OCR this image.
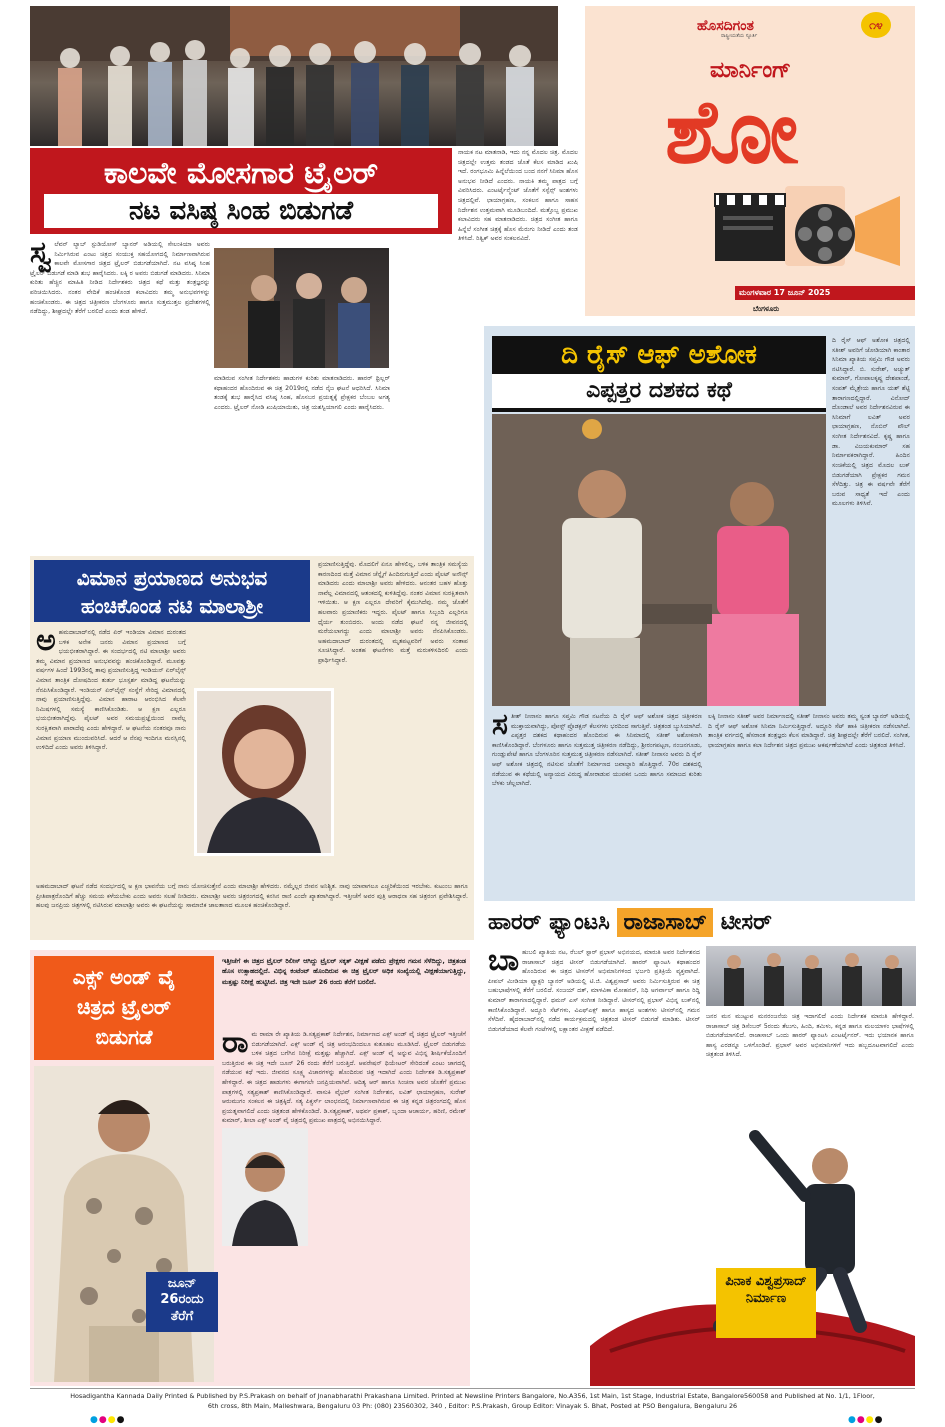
ಕಾಲವೇ ಮೋಸಗಾರ ಟ್ರೈಲರ್
ನಟ ವಸಿಷ್ಠ ಸಿಂಹ ಬಿಡುಗಡೆ
ಸ್ವ ಲೆವನ್ ಲ್ಯಾಬ್ ಸ್ಟುಡಿಯೋಸ್ ಬ್ಯಾನರ್ ಅಡಿಯಲ್ಲಿ ಸೇಲಂಕಿಯಾ ಅವರು ನಿರ್ಮಿಸಿರುವ ಎಂಟು ಚಿತ್ರದ ಸಂಯುಕ್ತ ಸಹಯೋಗದಲ್ಲಿ ನಿರ್ಮಾಣವಾಗಿರುವ ಕಾಲವೇ ಮೋಸಗಾರ ಚಿತ್ರದ ಟ್ರೈಲರ್ ಬಿಡುಗಡೆಯಾಗಿದೆ. ನಟ ವಸಿಷ್ಠ ಸಿಂಹ ಟ್ರೈಲರ್ ಬಿಡುಗಡೆ ಮಾಡಿ ಶುಭ ಹಾರೈಸಿದರು. ಲಕ್ಕಿ ರ ಅವರು ಬಿಡುಗಡೆ ಮಾಡಿದರು. ಸಿನಿಮಾ ಕುರಿತು ಹೆಚ್ಚಿನ ಮಾಹಿತಿ ನೀಡಿದ ನಿರ್ದೇಶಕರು ಚಿತ್ರದ ಕಥೆ ಮತ್ತು ತಂತ್ರಜ್ಞರನ್ನು ಪರಿಚಯಿಸಿದರು. ನಂತರ ವೇದಿಕೆ ಹಂಚಿಕೊಂಡ ಕಲಾವಿದರು ತಮ್ಮ ಅನುಭವಗಳನ್ನು ಹಂಚಿಕೊಂಡರು. ಈ ಚಿತ್ರದ ಚಿತ್ರೀಕರಣ ಬೆಂಗಳೂರು ಹಾಗೂ ಸುತ್ತಮುತ್ತಲ ಪ್ರದೇಶಗಳಲ್ಲಿ ನಡೆದಿದ್ದು, ಶೀಘ್ರದಲ್ಲೇ ತೆರೆಗೆ ಬರಲಿದೆ ಎಂದು ತಂಡ ಹೇಳಿದೆ.
ಮಾಡಿರುವ ಸಂಗೀತ ನಿರ್ದೇಶಕರು ಹಾಡುಗಳ ಕುರಿತು ಮಾತನಾಡಿದರು. ಹಾರರ್ ಥ್ರಿಲ್ಲರ್ ಕಥಾಹಂದರ ಹೊಂದಿರುವ ಈ ಚಿತ್ರ 2019ರಲ್ಲಿ ನಡೆದ ನೈಜ ಘಟನೆ ಆಧರಿಸಿದೆ. ಸಿನಿಮಾ ತಂಡಕ್ಕೆ ಶುಭ ಹಾರೈಸಿದ ವಸಿಷ್ಠ ಸಿಂಹ, ಹೊಸಬರ ಪ್ರಯತ್ನಕ್ಕೆ ಪ್ರೇಕ್ಷಕರ ಬೆಂಬಲ ಅಗತ್ಯ ಎಂದರು. ಟ್ರೈಲರ್ ನೋಡಿ ಖುಷಿಯಾಯಿತು, ಚಿತ್ರ ಯಶಸ್ವಿಯಾಗಲಿ ಎಂದು ಹಾರೈಸಿದರು.
ನಾಯಕ ನಟ ಮಾತನಾಡಿ, ಇದು ನನ್ನ ಮೊದಲ ಚಿತ್ರ. ಮೊದಲ ಚಿತ್ರದಲ್ಲೇ ಉತ್ತಮ ತಂಡದ ಜೊತೆ ಕೆಲಸ ಮಾಡಿದ ಖುಷಿ ಇದೆ. ರಂಗಭೂಮಿ ಹಿನ್ನೆಲೆಯಿಂದ ಬಂದ ನನಗೆ ಸಿನಿಮಾ ಹೊಸ ಅನುಭವ ನೀಡಿದೆ ಎಂದರು. ನಾಯಕಿ ತಮ್ಮ ಪಾತ್ರದ ಬಗ್ಗೆ ವಿವರಿಸಿದರು. ಎಂಟರ್ಟೈನ್ಮೆಂಟ್ ಜೊತೆಗೆ ಸಸ್ಪೆನ್ಸ್ ಅಂಶಗಳು ಚಿತ್ರದಲ್ಲಿವೆ. ಛಾಯಾಗ್ರಹಣ, ಸಂಕಲನ ಹಾಗೂ ಸಾಹಸ ನಿರ್ದೇಶನ ಉತ್ತಮವಾಗಿ ಮೂಡಿಬಂದಿದೆ. ಮತ್ತೊಬ್ಬ ಪ್ರಮುಖ ಕಲಾವಿದರು ಸಹ ಮಾತನಾಡಿದರು. ಚಿತ್ರದ ಸಂಗೀತ ಹಾಗೂ ಹಿನ್ನೆಲೆ ಸಂಗೀತ ಚಿತ್ರಕ್ಕೆ ಹೊಸ ಮೆರುಗು ನೀಡಿದೆ ಎಂದು ತಂಡ ತಿಳಿಸಿದೆ. ರಿತ್ವಿಕ್ ಅವರ ಸಂಕಲನವಿದೆ.
ಹೊಸದಿಗಂತ
ರಾಷ್ಟ್ರೀಯತೆಯ ಸ್ಫೂರ್ತಿ
೧೪
ಮಾರ್ನಿಂಗ್
ಶೋ
ಮಂಗಳವಾರ 17 ಜೂನ್ 2025
ಬೆಂಗಳೂರು
ದಿ ರೈಸ್ ಆಫ್ ಅಶೋಕ
ಎಪ್ಪತ್ತರ ದಶಕದ ಕಥೆ
ದಿ ರೈಸ್ ಆಫ್ ಅಶೋಕ ಚಿತ್ರದಲ್ಲಿ ಸತೀಶ್ ಅವರಿಗೆ ಜೋಡಿಯಾಗಿ ಕಾಂತಾರ ಸಿನಿಮಾ ಖ್ಯಾತಿಯ ಸಪ್ತಮಿ ಗೌಡ ಅವರು ನಟಿಸಿದ್ದಾರೆ. ಬಿ. ಸುರೇಶ್, ಅಚ್ಯುತ್ ಕುಮಾರ್, ಗೋಪಾಲಕೃಷ್ಣ ದೇಶಪಾಂಡೆ, ಸಂಪತ್ ಮೈತ್ರೇಯ ಹಾಗೂ ಯಶ್ ಶೆಟ್ಟಿ ತಾರಾಗಣದಲ್ಲಿದ್ದಾರೆ. ವಿನೋದ್ ದೊಂಡಾಲೆ ಅವರ ನಿರ್ದೇಶನವಿರುವ ಈ ಸಿನಿಮಾಗೆ ಲವಿತ್ ಅವರ ಛಾಯಾಗ್ರಹಣ, ನೊಬಿನ್ ಪೌಲ್ ಸಂಗೀತ ನಿರ್ದೇಶನವಿದೆ. ಕೃಷ್ಣ ಹಾಗೂ ಡಾ. ವಿಜಯಕುಮಾರ್ ಸಹ ನಿರ್ಮಾಪಕರಾಗಿದ್ದಾರೆ. ಹಿಂದಿನ ಸಂಚಿಕೆಯಲ್ಲಿ ಚಿತ್ರದ ಮೊದಲ ಲುಕ್ ಬಿಡುಗಡೆಯಾಗಿ ಪ್ರೇಕ್ಷಕರ ಗಮನ ಸೆಳೆದಿತ್ತು. ಚಿತ್ರ ಈ ವರ್ಷವೇ ತೆರೆಗೆ ಬರುವ ಸಾಧ್ಯತೆ ಇದೆ ಎಂದು ಮೂಲಗಳು ತಿಳಿಸಿವೆ.
ಸ ತೀಶ್ ನೀನಾಸಂ ಹಾಗೂ ಸಪ್ತಮಿ ಗೌಡ ನಟನೆಯ ದಿ ರೈಸ್ ಆಫ್ ಅಶೋಕ ಚಿತ್ರದ ಚಿತ್ರೀಕರಣ ಮುಕ್ತಾಯವಾಗಿದ್ದು, ಪೋಸ್ಟ್ ಪ್ರೊಡಕ್ಷನ್ ಕೆಲಸಗಳು ಭರದಿಂದ ಸಾಗುತ್ತಿವೆ. ಚಿತ್ರತಂಡ ಬ್ಯುಸಿಯಾಗಿದೆ. ಎಪ್ಪತ್ತರ ದಶಕದ ಕಥಾಹಂದರ ಹೊಂದಿರುವ ಈ ಸಿನಿಮಾದಲ್ಲಿ ಸತೀಶ್ ಅಶೋಕನಾಗಿ ಕಾಣಿಸಿಕೊಂಡಿದ್ದಾರೆ. ಬೆಂಗಳೂರು ಹಾಗೂ ಸುತ್ತಮುತ್ತ ಚಿತ್ರೀಕರಣ ನಡೆದಿದ್ದು, ಶ್ರೀರಂಗಪಟ್ಟಣ, ನಂಜನಗೂಡು, ಗುಂಡ್ಲುಪೇಟೆ ಹಾಗೂ ಬೆಂಗಳೂರಿನ ಸುತ್ತಮುತ್ತ ಚಿತ್ರೀಕರಣ ನಡೆಸಲಾಗಿದೆ. ಸತೀಶ್ ನೀನಾಸಂ ಅವರು ದಿ ರೈಸ್ ಆಫ್ ಅಶೋಕ ಚಿತ್ರದಲ್ಲಿ ನಟಿಸುವ ಜೊತೆಗೆ ನಿರ್ಮಾಣದ ಜವಾಬ್ದಾರಿ ಹೊತ್ತಿದ್ದಾರೆ. 70ರ ದಶಕದಲ್ಲಿ ನಡೆಯುವ ಈ ಕಥೆಯಲ್ಲಿ ಅನ್ಯಾಯದ ವಿರುದ್ಧ ಹೋರಾಡುವ ಯುವಕನ ಒಂದು ಹಾಗೂ ಸಮಾಜದ ಕುರಿತು ಬೆಳಕು ಚೆಲ್ಲಲಾಗಿದೆ.
ಲಕ್ಕಿ ನೀನಾಸಂ ಸತೀಶ್ ಅವರ ನಿರ್ಮಾಣದಲ್ಲಿ ಸತೀಶ್ ನೀನಾಸಂ ಅವರು ತಮ್ಮ ಸ್ವಂತ ಬ್ಯಾನರ್ ಅಡಿಯಲ್ಲಿ ದಿ ರೈಸ್ ಆಫ್ ಅಶೋಕ ಸಿನಿಮಾ ನಿರ್ಮಿಸುತ್ತಿದ್ದಾರೆ. ಅದ್ದೂರಿ ಸೆಟ್ ಹಾಕಿ ಚಿತ್ರೀಕರಣ ನಡೆಸಲಾಗಿದೆ. ತಾಂತ್ರಿಕ ವರ್ಗದಲ್ಲಿ ಹೆಸರಾಂತ ತಂತ್ರಜ್ಞರು ಕೆಲಸ ಮಾಡಿದ್ದಾರೆ. ಚಿತ್ರ ಶೀಘ್ರದಲ್ಲೇ ತೆರೆಗೆ ಬರಲಿದೆ. ಸಂಗೀತ, ಛಾಯಾಗ್ರಹಣ ಹಾಗೂ ಕಲಾ ನಿರ್ದೇಶನ ಚಿತ್ರದ ಪ್ರಮುಖ ಆಕರ್ಷಣೆಯಾಗಿದೆ ಎಂದು ಚಿತ್ರತಂಡ ತಿಳಿಸಿದೆ.
ವಿಮಾನ ಪ್ರಯಾಣದ ಅನುಭವ
ಹಂಚಿಕೊಂಡ ನಟಿ ಮಾಲಾಶ್ರೀ
ಅ ಹಮದಾಬಾದ್‌ನಲ್ಲಿ ನಡೆದ ಏರ್ ಇಂಡಿಯಾ ವಿಮಾನ ದುರಂತದ ಬಳಿಕ ಅನೇಕ ಜನರು ವಿಮಾನ ಪ್ರಯಾಣದ ಬಗ್ಗೆ ಭಯಭೀತರಾಗಿದ್ದಾರೆ. ಈ ಸಂದರ್ಭದಲ್ಲಿ ನಟಿ ಮಾಲಾಶ್ರೀ ಅವರು ತಮ್ಮ ವಿಮಾನ ಪ್ರಯಾಣದ ಅನುಭವವನ್ನು ಹಂಚಿಕೊಂಡಿದ್ದಾರೆ. ಮೂವತ್ತು ವರ್ಷಗಳ ಹಿಂದೆ 1993ರಲ್ಲಿ ತಾವು ಪ್ರಯಾಣಿಸುತ್ತಿದ್ದ ಇಂಡಿಯನ್ ಏರ್‌ಲೈನ್ಸ್ ವಿಮಾನ ತಾಂತ್ರಿಕ ದೋಷದಿಂದ ತುರ್ತು ಭೂಸ್ಪರ್ಶ ಮಾಡಿದ್ದ ಘಟನೆಯನ್ನು ನೆನಪಿಸಿಕೊಂಡಿದ್ದಾರೆ. ಇಂಡಿಯನ್ ಏರ್‌ಲೈನ್ಸ್ ಸಂಸ್ಥೆಗೆ ಸೇರಿದ್ದ ವಿಮಾನದಲ್ಲಿ ನಾವು ಪ್ರಯಾಣಿಸುತ್ತಿದ್ದೆವು. ವಿಮಾನ ಹಾರಾಟ ಆರಂಭಿಸಿದ ಕೆಲವೇ ನಿಮಿಷಗಳಲ್ಲಿ ಸಮಸ್ಯೆ ಕಾಣಿಸಿಕೊಂಡಿತು. ಆ ಕ್ಷಣ ಎಲ್ಲರೂ ಭಯಭೀತರಾಗಿದ್ದೆವು. ಪೈಲಟ್ ಅವರ ಸಮಯಪ್ರಜ್ಞೆಯಿಂದ ನಾವೆಲ್ಲ ಸುರಕ್ಷಿತವಾಗಿ ಪಾರಾದೆವು ಎಂದು ಹೇಳಿದ್ದಾರೆ. ಆ ಘಟನೆಯ ನಂತರವೂ ನಾನು ವಿಮಾನ ಪ್ರಯಾಣ ಮುಂದುವರಿಸಿದೆ. ಆದರೆ ಆ ನೆನಪು ಇಂದಿಗೂ ಮನಸ್ಸಿನಲ್ಲಿ ಉಳಿದಿದೆ ಎಂದು ಅವರು ತಿಳಿಸಿದ್ದಾರೆ.
ಪ್ರಯಾಣಿಸುತ್ತಿದ್ದೆವು. ಮೊದಲಿಗೆ ಏನೂ ಹೇಳಲಿಲ್ಲ, ಬಳಿಕ ತಾಂತ್ರಿಕ ಸಮಸ್ಯೆಯ ಕಾರಣದಿಂದ ಮತ್ತೆ ವಿಮಾನ ಚೆನ್ನೈಗೆ ಹಿಂದಿರುಗುತ್ತಿದೆ ಎಂದು ಪೈಲಟ್ ಅನೌನ್ಸ್ ಮಾಡಿದರು ಎಂದು ಮಾಲಾಶ್ರೀ ಅವರು ಹೇಳಿದರು. ಆನಂತರ ಬಹಳ ಹೊತ್ತು ನಾವೆಲ್ಲ ವಿಮಾನದಲ್ಲಿ ಆತಂಕದಲ್ಲಿ ಕುಳಿತಿದ್ದೆವು. ನಂತರ ವಿಮಾನ ಸುರಕ್ಷಿತವಾಗಿ ಇಳಿಯಿತು. ಆ ಕ್ಷಣ ಎಲ್ಲರೂ ದೇವರಿಗೆ ಕೈಮುಗಿದೆವು. ನಮ್ಮ ಜೊತೆಗೆ ಹಲವಾರು ಪ್ರಯಾಣಿಕರು ಇದ್ದರು. ಪೈಲಟ್ ಹಾಗೂ ಸಿಬ್ಬಂದಿ ಎಲ್ಲರಿಗೂ ಧೈರ್ಯ ತುಂಬಿದರು. ಅಂದು ನಡೆದ ಘಟನೆ ನನ್ನ ಜೀವನದಲ್ಲಿ ಮರೆಯಲಾಗದ್ದು ಎಂದು ಮಾಲಾಶ್ರೀ ಅವರು ನೆನಪಿಸಿಕೊಂಡರು. ಅಹಮದಾಬಾದ್ ದುರಂತದಲ್ಲಿ ಮೃತಪಟ್ಟವರಿಗೆ ಅವರು ಸಂತಾಪ ಸೂಚಿಸಿದ್ದಾರೆ. ಅಂತಹ ಘಟನೆಗಳು ಮತ್ತೆ ಮರುಕಳಿಸದಿರಲಿ ಎಂದು ಪ್ರಾರ್ಥಿಸಿದ್ದಾರೆ.
ಅಹಮದಾಬಾದ್ ಘಟನೆ ನಡೆದ ಸಂದರ್ಭದಲ್ಲಿ ಅ ಕ್ಷಣ ಭಾವನೆಯ ಬಗ್ಗೆ ನಾನು ಯೋಚಿಸುತ್ತೇನೆ ಎಂದು ಮಾಲಾಶ್ರೀ ಹೇಳಿದರು. ನಮ್ಮೆಲ್ಲರ ಜೀವನ ಅನಿಶ್ಚಿತ. ನಾವು ಯಾವಾಗಲೂ ಎಚ್ಚರಿಕೆಯಿಂದ ಇರಬೇಕು. ಕುಟುಂಬ ಹಾಗೂ ಪ್ರೀತಿಪಾತ್ರರೊಂದಿಗೆ ಹೆಚ್ಚು ಸಮಯ ಕಳೆಯಬೇಕು ಎಂದು ಅವರು ಸಲಹೆ ನೀಡಿದರು. ಮಾಲಾಶ್ರೀ ಅವರು ಚಿತ್ರರಂಗದಲ್ಲಿ ಕನಸಿನ ರಾಣಿ ಎಂದೇ ಖ್ಯಾತರಾಗಿದ್ದಾರೆ. ಇತ್ತೀಚೆಗೆ ಅವರ ಪುತ್ರಿ ಆರಾಧನಾ ಸಹ ಚಿತ್ರರಂಗ ಪ್ರವೇಶಿಸಿದ್ದಾರೆ. ಹಲವು ಜನಪ್ರಿಯ ಚಿತ್ರಗಳಲ್ಲಿ ನಟಿಸಿರುವ ಮಾಲಾಶ್ರೀ ಅವರು ಈ ಘಟನೆಯನ್ನು ಸಾಮಾಜಿಕ ಜಾಲತಾಣದ ಮೂಲಕ ಹಂಚಿಕೊಂಡಿದ್ದಾರೆ.
ಹಾರರ್ ಫ್ಯಾಂಟಸಿ ರಾಜಾಸಾಬ್ ಟೀಸರ್
ಬಾ ಹುಬಲಿ ಖ್ಯಾತಿಯ ನಟ, ರೆಬಲ್ ಸ್ಟಾರ್ ಪ್ರಭಾಸ್ ಅಭಿನಯದ, ಮಾರುತಿ ಅವರ ನಿರ್ದೇಶನದ ರಾಜಾಸಾಬ್ ಚಿತ್ರದ ಟೀಸರ್ ಬಿಡುಗಡೆಯಾಗಿದೆ. ಹಾರರ್ ಫ್ಯಾಂಟಸಿ ಕಥಾಹಂದರ ಹೊಂದಿರುವ ಈ ಚಿತ್ರದ ಟೀಸರ್‌ಗೆ ಅಭಿಮಾನಿಗಳಿಂದ ಭರ್ಜರಿ ಪ್ರತಿಕ್ರಿಯೆ ವ್ಯಕ್ತವಾಗಿದೆ. ಪೀಪಲ್ ಮೀಡಿಯಾ ಫ್ಯಾಕ್ಟರಿ ಬ್ಯಾನರ್ ಅಡಿಯಲ್ಲಿ ಟಿ.ಜಿ. ವಿಶ್ವಪ್ರಸಾದ್ ಅವರು ನಿರ್ಮಿಸುತ್ತಿರುವ ಈ ಚಿತ್ರ ಬಹುಭಾಷೆಗಳಲ್ಲಿ ತೆರೆಗೆ ಬರಲಿದೆ. ಸಂಜಯ್ ದತ್, ಮಾಳವಿಕಾ ಮೋಹನನ್, ನಿಧಿ ಅಗರ್ವಾಲ್ ಹಾಗೂ ರಿದ್ಧಿ ಕುಮಾರ್ ತಾರಾಗಣದಲ್ಲಿದ್ದಾರೆ. ಥಮನ್ ಎಸ್ ಸಂಗೀತ ನೀಡಿದ್ದಾರೆ. ಟೀಸರ್‌ನಲ್ಲಿ ಪ್ರಭಾಸ್ ವಿಭಿನ್ನ ಲುಕ್‌ನಲ್ಲಿ ಕಾಣಿಸಿಕೊಂಡಿದ್ದಾರೆ. ಅದ್ದೂರಿ ಸೆಟ್‌ಗಳು, ವಿಎಫ್‌ಎಕ್ಸ್ ಹಾಗೂ ಹಾಸ್ಯದ ಅಂಶಗಳು ಟೀಸರ್‌ನಲ್ಲಿ ಗಮನ ಸೆಳೆದಿವೆ. ಹೈದರಾಬಾದ್‌ನಲ್ಲಿ ನಡೆದ ಕಾರ್ಯಕ್ರಮದಲ್ಲಿ ಚಿತ್ರತಂಡ ಟೀಸರ್ ಬಿಡುಗಡೆ ಮಾಡಿತು. ಟೀಸರ್ ಬಿಡುಗಡೆಯಾದ ಕೆಲವೇ ಗಂಟೆಗಳಲ್ಲಿ ಲಕ್ಷಾಂತರ ವೀಕ್ಷಣೆ ಪಡೆದಿದೆ.
ಜನರ ಮನ ಮುಟ್ಟುವ ಮನರಂಜನೆಯ ಚಿತ್ರ ಇದಾಗಲಿದೆ ಎಂದು ನಿರ್ದೇಶಕ ಮಾರುತಿ ಹೇಳಿದ್ದಾರೆ. ರಾಜಾಸಾಬ್ ಚಿತ್ರ ಡಿಸೆಂಬರ್ 5ರಂದು ತೆಲುಗು, ಹಿಂದಿ, ತಮಿಳು, ಕನ್ನಡ ಹಾಗೂ ಮಲಯಾಳಂ ಭಾಷೆಗಳಲ್ಲಿ ಬಿಡುಗಡೆಯಾಗಲಿದೆ. ರಾಜಾಸಾಬ್ ಒಂದು ಹಾರರ್ ಫ್ಯಾಂಟಸಿ ಎಂಟರ್ಟೈನರ್. ಇದು ಭಯಾನಕ ಹಾಗೂ ಹಾಸ್ಯ ಎರಡನ್ನೂ ಒಳಗೊಂಡಿದೆ. ಪ್ರಭಾಸ್ ಅವರ ಅಭಿಮಾನಿಗಳಿಗೆ ಇದು ಹಬ್ಬದೂಟವಾಗಲಿದೆ ಎಂದು ಚಿತ್ರತಂಡ ತಿಳಿಸಿದೆ.
ಪಿನಾಕ ವಿಶ್ವಪ್ರಸಾದ್ ನಿರ್ಮಾಣ
ಎಕ್ಸ್ ಅಂಡ್ ವೈ
ಚಿತ್ರದ ಟ್ರೈಲರ್
ಬಿಡುಗಡೆ
ಇತ್ತೀಚೆಗೆ ಈ ಚಿತ್ರದ ಟ್ರೈಲರ್ ರಿಲೀಸ್ ಆಗಿದ್ದು ಟ್ರೈಲರ್ ಸಕ್ಕತ್ ವೀಕ್ಷಣೆ ಪಡೆದು ಪ್ರೇಕ್ಷಕರ ಗಮನ ಸೆಳೆದಿದ್ದು, ಚಿತ್ರತಂಡ ಹೊಸ ಉತ್ಸಾಹದಲ್ಲಿದೆ. ವಿಭಿನ್ನ ಕಂಟೆಂಟ್ ಹೊಂದಿರುವ ಈ ಚಿತ್ರ ಟ್ರೈಲರ್ ಅಧಿಕ ಸಂಖ್ಯೆಯಲ್ಲಿ ವೀಕ್ಷಣೆಯಾಗುತ್ತಿದ್ದು, ಮತ್ತಷ್ಟು ನಿರೀಕ್ಷೆ ಹುಟ್ಟಿಸಿದೆ. ಚಿತ್ರ ಇದೇ ಜೂನ್ 26 ರಂದು ತೆರೆಗೆ ಬರಲಿದೆ.
ಜೂನ್ 26ರಂದು ತೆರೆಗೆ
ರಾ ಮ ರಾಮಾ ರೇ ಖ್ಯಾತಿಯ ಡಿ.ಸತ್ಯಪ್ರಕಾಶ್ ನಿರ್ದೇಶನ, ನಿರ್ಮಾಣದ ಎಕ್ಸ್ ಅಂಡ್ ವೈ ಚಿತ್ರದ ಟ್ರೈಲರ್ ಇತ್ತೀಚೆಗೆ ಬಿಡುಗಡೆಯಾಗಿದೆ. ಎಕ್ಸ್ ಅಂಡ್ ವೈ ಚಿತ್ರ ಆರಂಭದಿಂದಲೂ ಕುತೂಹಲ ಮೂಡಿಸಿದೆ. ಟ್ರೈಲರ್ ಬಿಡುಗಡೆಯ ಬಳಿಕ ಚಿತ್ರದ ಬಗೆಗಿನ ನಿರೀಕ್ಷೆ ಮತ್ತಷ್ಟು ಹೆಚ್ಚಾಗಿದೆ. ಎಕ್ಸ್ ಅಂಡ್ ವೈ ಅನ್ನುವ ವಿಭಿನ್ನ ಶೀರ್ಷಿಕೆಯೊಂದಿಗೆ ಬರುತ್ತಿರುವ ಈ ಚಿತ್ರ ಇದೇ ಜೂನ್ 26 ರಂದು ತೆರೆಗೆ ಬರುತ್ತಿದೆ. ಆಪರೇಷನ್ ಥಿಯೇಟರ್ ಸೇರಿದಂತೆ ಎಂಟು ಜಾಗದಲ್ಲಿ ನಡೆಯುವ ಕಥೆ ಇದು. ಜೀವನದ ಸೂಕ್ಷ್ಮ ವಿಚಾರಗಳನ್ನು ಹೊಂದಿರುವ ಚಿತ್ರ ಇದಾಗಿದೆ ಎಂದು ನಿರ್ದೇಶಕ ಡಿ.ಸತ್ಯಪ್ರಕಾಶ್ ಹೇಳಿದ್ದಾರೆ. ಈ ಚಿತ್ರದ ಹಾಡುಗಳು ಈಗಾಗಲೇ ಜನಪ್ರಿಯವಾಗಿವೆ. ಆದಿತ್ಯ ಆರ್ ಹಾಗೂ ಸಿಂಚನಾ ಅವರ ಜೊತೆಗೆ ಪ್ರಮುಖ ಪಾತ್ರಗಳಲ್ಲಿ ಸತ್ಯಪ್ರಕಾಶ್ ಕಾಣಿಸಿಕೊಂಡಿದ್ದಾರೆ. ವಾಸುಕಿ ವೈಭವ್ ಸಂಗೀತ ನಿರ್ದೇಶನ, ಲವಿತ್ ಛಾಯಾಗ್ರಹಣ, ಸುರೇಶ್ ಆರುಮುಗಂ ಸಂಕಲನ ಈ ಚಿತ್ರಕ್ಕಿದೆ. ಸತ್ಯ ಪಿಕ್ಚರ್ಸ್ ಲಾಂಛನದಲ್ಲಿ ನಿರ್ಮಾಣವಾಗಿರುವ ಈ ಚಿತ್ರ ಕನ್ನಡ ಚಿತ್ರರಂಗದಲ್ಲಿ ಹೊಸ ಪ್ರಯತ್ನವಾಗಲಿದೆ ಎಂದು ಚಿತ್ರತಂಡ ಹೇಳಿಕೊಂಡಿದೆ. ಡಿ.ಸತ್ಯಪ್ರಕಾಶ್, ಅಥರ್ವ ಪ್ರಕಾಶ್, ಬೃಂದಾ ಆಚಾರ್ಯ, ಹರಿಣಿ, ರಮೇಶ್ ಕುಮಾರ್, ಶೀಲಾ ಎಕ್ಸ್ ಅಂಡ್ ವೈ ಚಿತ್ರದಲ್ಲಿ ಪ್ರಮುಖ ಪಾತ್ರದಲ್ಲಿ ಅಭಿನಯಿಸಿದ್ದಾರೆ.
Hosadigantha Kannada Daily Printed & Published by P.S.Prakash on behalf of Jnanabharathi Prakashana Limited. Printed at Newsline Printers Bangalore, No.A356, 1st Main, 1st Stage, Industrial Estate, Bangalore560058 and Published at No. 1/1, 1Floor,
6th cross, 8th Main, Malleshwara, Bengaluru 03 Ph: (080) 23560302, 340 , Editor: P.S.Prakash, Group Editor: Vinayak S. Bhat, Posted at PSO Bengalura, Bengaluru 26
●●●●	●●●●
